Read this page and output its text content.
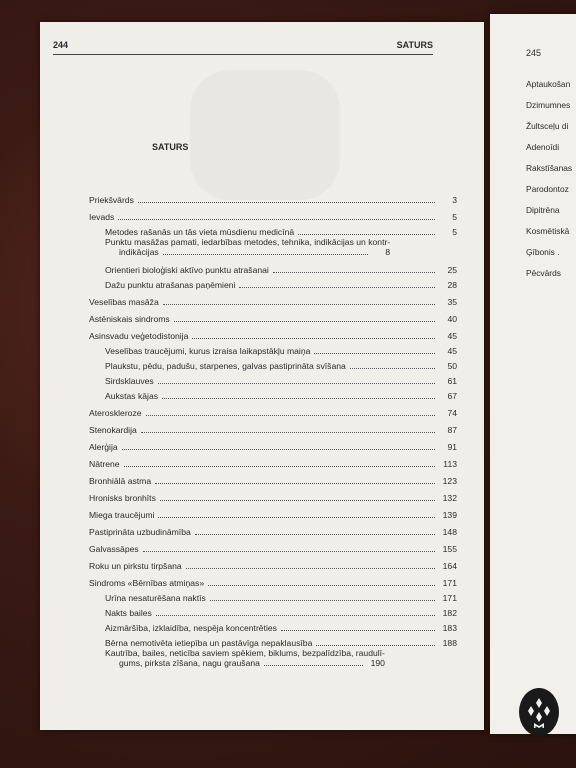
244	SATURS
SATURS
Priekšvārds	3
Ievads	5
Metodes rašanās un tās vieta mūsdienu medicīnā	5
Punktu masāžas pamati, iedarbības metodes, tehnika, indikācijas un kontr-
indikācijas	8
Orientieri bioloģiski aktīvo punktu atrašanai	25
Dažu punktu atrašanas paņēmieni	28
Veselības masāža	35
Astēniskais sindroms	40
Asinsvadu veģetodistonija	45
Veselības traucējumi, kurus izraisa laikapstākļu maiņa	45
Plaukstu, pēdu, padušu, starpenes, galvas pastiprināta svīšana	50
Sirdsklauves	61
Aukstas kājas	67
Ateroskleroze	74
Stenokardija	87
Alerģija	91
Nātrene	113
Bronhiālā astma	123
Hronisks bronhīts	132
Miega traucējumi	139
Pastiprināta uzbudināmība	148
Galvassāpes	155
Roku un pirkstu tirpšana	164
Sindroms «Bērnības atmiņas»	171
Urīna nesaturēšana naktīs	171
Nakts bailes	182
Aizmāršība, izklaidība, nespēja koncentrēties	183
Bērna nemotivēta ietiepība un pastāvīga nepaklausība	188
Kautrība, bailes, neticība saviem spēkiem, biklums, bezpalīdzība, raudulī-
gums, pirksta zīšana, nagu graušana	190
245
Aptaukošan
Dzimumnes
Žultsceļu di
Adenoīdi
Rakstīšanas
Parodontoz
Dipitrēna
Kosmētiskā
Ģībonis .
Pēcvārds
